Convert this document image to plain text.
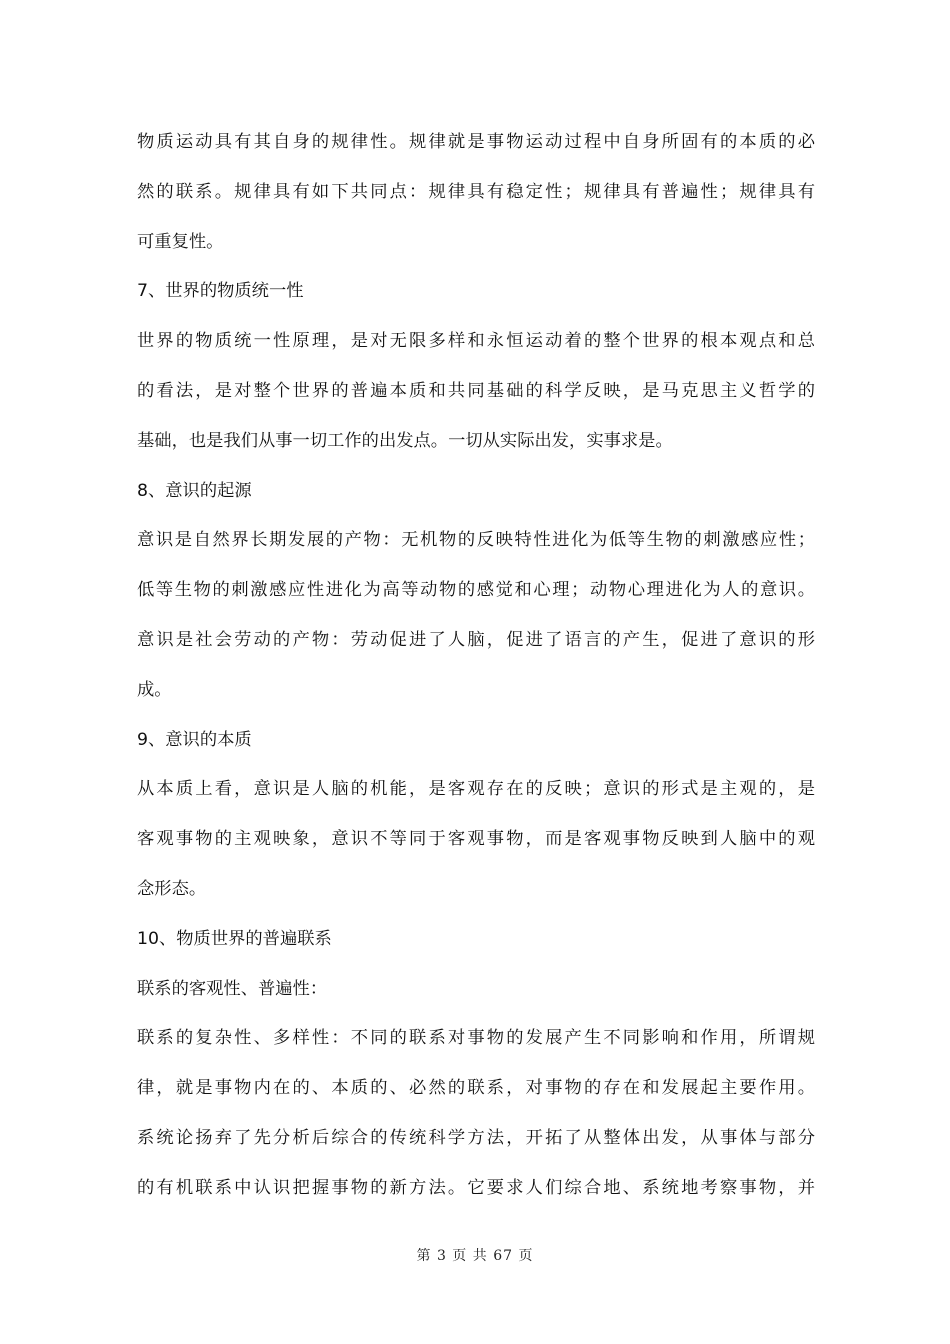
物质运动具有其自身的规律性。规律就是事物运动过程中自身所固有的本质的必
然的联系。规律具有如下共同点：规律具有稳定性；规律具有普遍性；规律具有
可重复性。
7、世界的物质统一性
世界的物质统一性原理，是对无限多样和永恒运动着的整个世界的根本观点和总
的看法，是对整个世界的普遍本质和共同基础的科学反映，是马克思主义哲学的
基础，也是我们从事一切工作的出发点。一切从实际出发，实事求是。
8、意识的起源
意识是自然界长期发展的产物：无机物的反映特性进化为低等生物的刺激感应性；
低等生物的刺激感应性进化为高等动物的感觉和心理；动物心理进化为人的意识。
意识是社会劳动的产物：劳动促进了人脑，促进了语言的产生，促进了意识的形
成。
9、意识的本质
从本质上看，意识是人脑的机能，是客观存在的反映；意识的形式是主观的，是
客观事物的主观映象，意识不等同于客观事物，而是客观事物反映到人脑中的观
念形态。
10、物质世界的普遍联系
联系的客观性、普遍性：
联系的复杂性、多样性：不同的联系对事物的发展产生不同影响和作用，所谓规
律，就是事物内在的、本质的、必然的联系，对事物的存在和发展起主要作用。
系统论扬弃了先分析后综合的传统科学方法，开拓了从整体出发，从事体与部分
的有机联系中认识把握事物的新方法。它要求人们综合地、系统地考察事物，并
第 3 页 共 67 页
